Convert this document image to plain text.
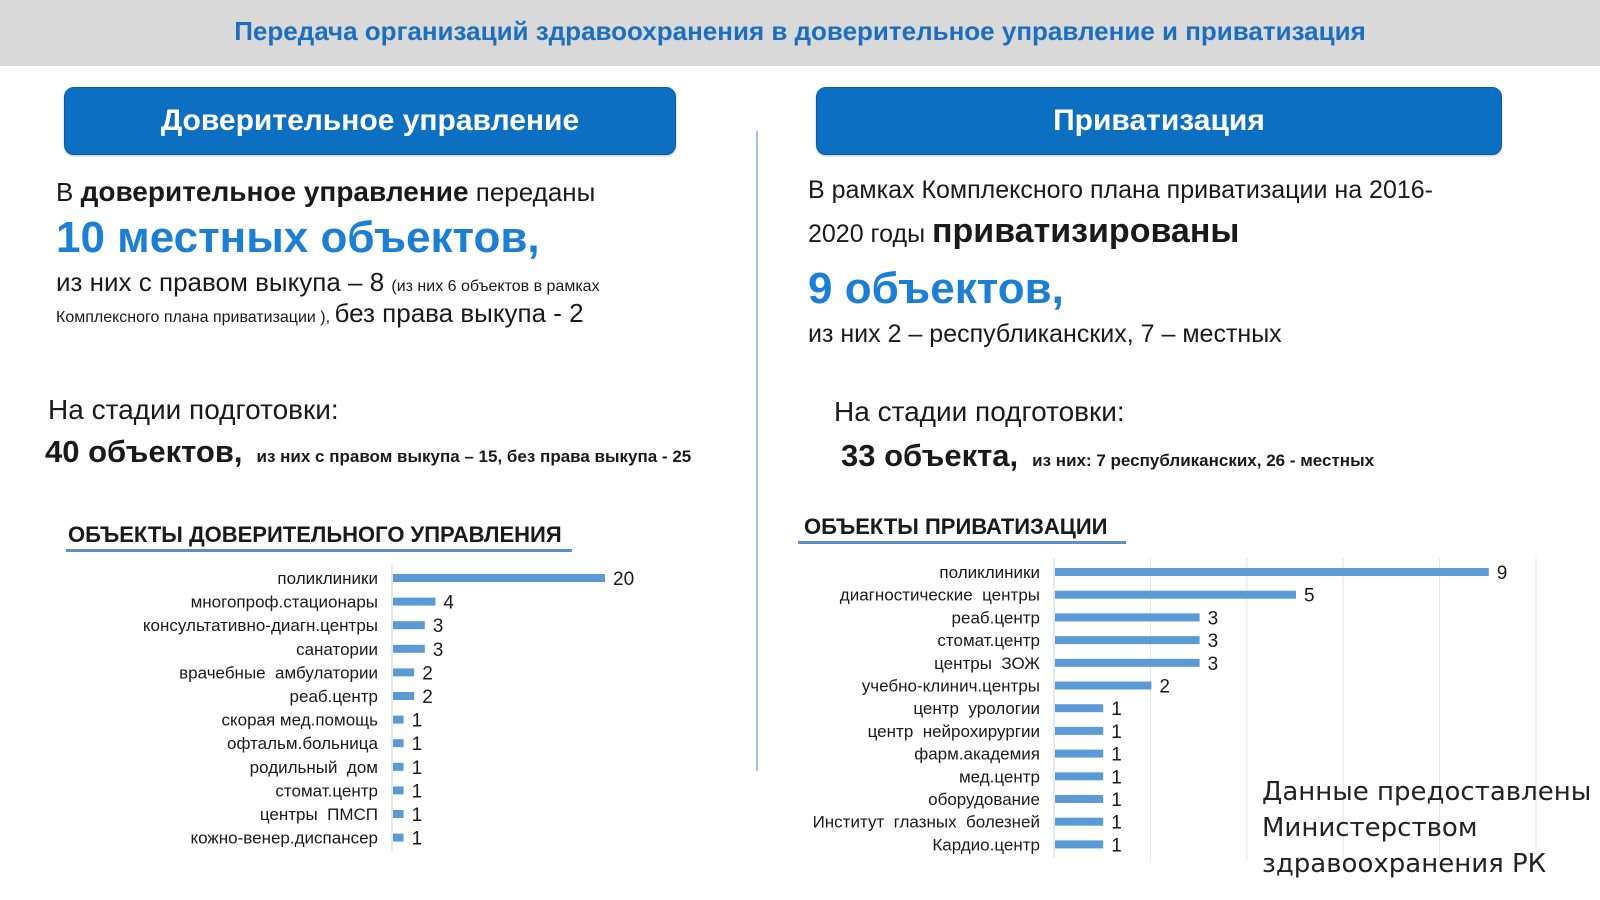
Передача организаций здравоохранения в доверительное управление и приватизация
Доверительное управление	Приватизация
В доверительное управление переданы
10 местных объектов,
из них с правом выкупа – 8 (из них 6 объектов в рамках
Комплексного плана приватизации ), без права выкупа - 2
На стадии подготовки:
40 объектов, из них с правом выкупа – 15, без права выкупа - 25
ОБЪЕКТЫ ДОВЕРИТЕЛЬНОГО УПРАВЛЕНИЯ
В рамках Комплексного плана приватизации на 2016-
2020 годы приватизированы
9 объектов,
из них 2 – республиканских, 7 – местных
На стадии подготовки:
33 объекта, из них: 7 республиканских, 26 - местных
ОБЪЕКТЫ ПРИВАТИЗАЦИИ
поликлиники	20
многопроф.стационары	4
консультативно-диагн.центры	3
санатории	3
врачебные  амбулатории 2
реаб.центр 2
скорая мед.помощь 1
офтальм.больница 1
родильный  дом 1
стомат.центр 1
центры  ПМСП 1
кожно-венер.диспансер 1
поликлиники	9
диагностические  центры	5
реаб.центр	3
стомат.центр	3
центры  ЗОЖ	3
учебно-клинич.центры	2
центр  урологии	1
центр  нейрохирургии	1
фарм.академия	1
мед.центр	1
оборудование	1
Институт  глазных  болезней	1
Кардио.центр	1
Данные предоставлены
Министерством
здравоохранения РК
